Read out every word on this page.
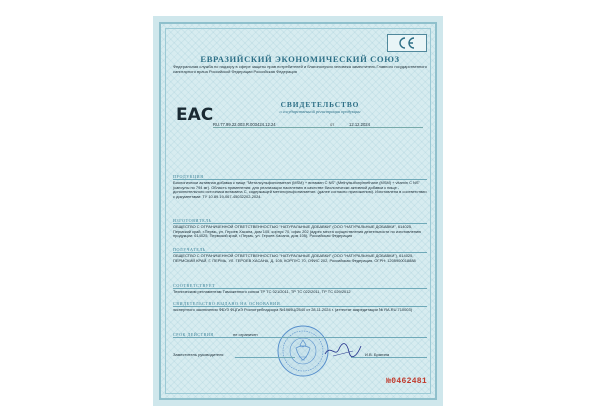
ЕВРАЗИЙСКИЙ ЭКОНОМИЧЕСКИЙ СОЮЗ
Федеральная служба по надзору в сфере защиты прав потребителей и благополучия человека заместитель Главного государственного санитарного врача Российской Федерации Российская Федерация
EAC
СВИДЕТЕЛЬСТВО
о государственной регистрации продукции
RU.77.99.22.003.R.003424.12.24	от	12.12.2024
ПРОДУКЦИЯ
Биологически активная добавка к пище "Метилсульфонилметан (MSM) + витамин С NS" (Methylsulfonylmethane (MSM) + vitamin C NS" (капсулы по 794 мг). Область применения: для реализации населению в качестве биологически активной добавки к пище - дополнительного источника витамина С, содержащей метилсульфонилметан. (далее согласно приложению). Изготовлена в соответствии с документами: ТУ 10.89.19-067-45032202-2024.
ИЗГОТОВИТЕЛЬ
ОБЩЕСТВО С ОГРАНИЧЕННОЙ ОТВЕТСТВЕННОСТЬЮ "НАТУРАЛЬНЫЕ ДОБАВКИ" (ООО "НАТУРАЛЬНЫЕ ДОБАВКИ", 614025, Пермский край, г.Пермь, ул. Героев Хасана, дом 105, корпус 70, офис 202 (адрес места осуществления деятельности по изготовлению продукции: 614025, Пермский край, г.Пермь, ул. Героев Хасана, дом 105), Российская Федерация
ПОЛУЧАТЕЛЬ
ОБЩЕСТВО С ОГРАНИЧЕННОЙ ОТВЕТСТВЕННОСТЬЮ "НАТУРАЛЬНЫЕ ДОБАВКИ" (ООО "НАТУРАЛЬНЫЕ ДОБАВКИ"), 614025, ПЕРМСКИЙ КРАЙ, Г. ПЕРМЬ, УЛ. ГЕРОЕВ ХАСАНА, Д. 105, КОРПУС 70, ОФИС 202, Российская Федерация. ОГРН: 1205900018888
СООТВЕТСТВУЕТ
Техническим регламентам Таможенного союза ТР ТС 021/2011, ТР ТС 022/2011, ТР ТС 029/2012
СВИДЕТЕЛЬСТВО ВЫДАНО НА ОСНОВАНИИ
экспертного заключения ФБУЗ ФЦГиЭ Роспотребнадзора №1969Ц/2540 от 28.11.2024 г. (аттестат аккредитации № RA.RU.710003)
СРОК ДЕЙСТВИЯ	не ограничен
Заместитель руководителя	И.В. Брагина
№0462481
